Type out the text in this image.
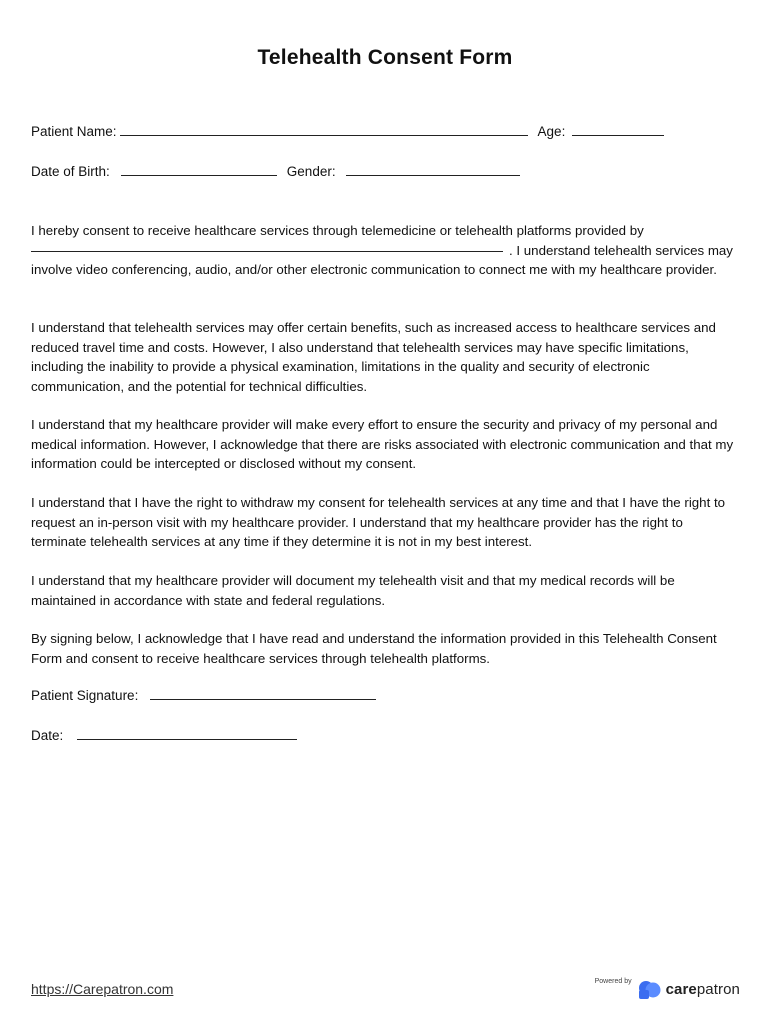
Telehealth Consent Form
Patient Name:	Age:
Date of Birth:	Gender:

I hereby consent to receive healthcare services through telemedicine or telehealth platforms provided by
. I understand telehealth services may involve video conferencing, audio, and/or other electronic communication to connect me with my healthcare provider.

I understand that telehealth services may offer certain benefits, such as increased access to healthcare services and reduced travel time and costs. However, I also understand that telehealth services may have specific limitations, including the inability to provide a physical examination, limitations in the quality and security of electronic communication, and the potential for technical difficulties.

I understand that my healthcare provider will make every effort to ensure the security and privacy of my personal and medical information. However, I acknowledge that there are risks associated with electronic communication and that my information could be intercepted or disclosed without my consent.

I understand that I have the right to withdraw my consent for telehealth services at any time and that I have the right to request an in-person visit with my healthcare provider. I understand that my healthcare provider has the right to terminate telehealth services at any time if they determine it is not in my best interest.

I understand that my healthcare provider will document my telehealth visit and that my medical records will be maintained in accordance with state and federal regulations.

By signing below, I acknowledge that I have read and understand the information provided in this Telehealth Consent Form and consent to receive healthcare services through telehealth platforms.

Patient Signature:
Date:
https://Carepatron.com	Powered by carepatron
